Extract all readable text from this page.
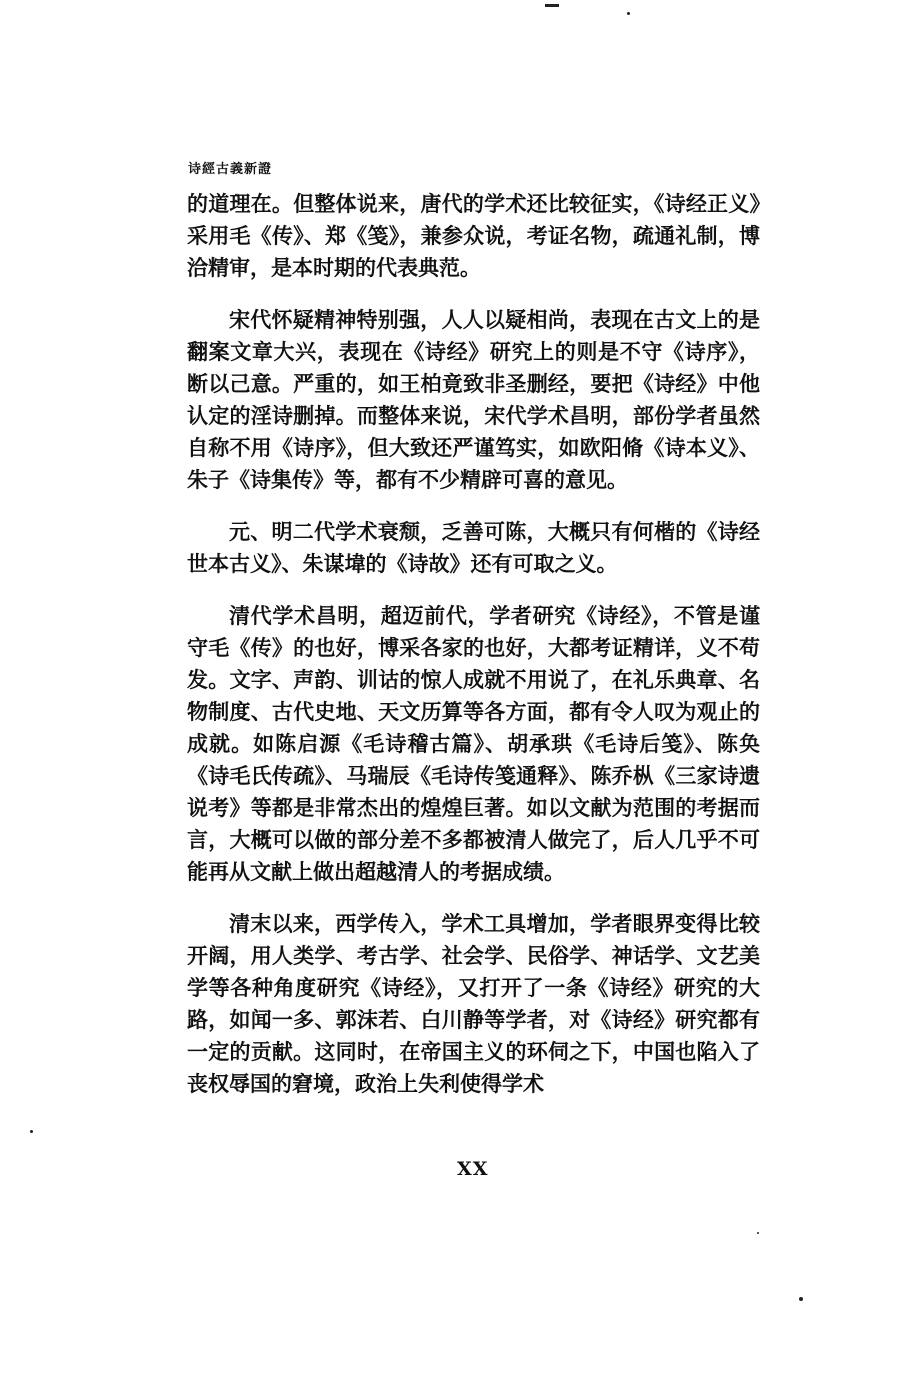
诗經古義新證

的道理在。但整体说来，唐代的学术还比较征实，《诗经正义》采用毛《传》、郑《笺》，兼参众说，考证名物，疏通礼制，博洽精审，是本时期的代表典范。

宋代怀疑精神特别强，人人以疑相尚，表现在古文上的是翻案文章大兴，表现在《诗经》研究上的则是不守《诗序》，断以己意。严重的，如王柏竟致非圣删经，要把《诗经》中他认定的淫诗删掉。而整体来说，宋代学术昌明，部份学者虽然自称不用《诗序》，但大致还严谨笃实，如欧阳脩《诗本义》、朱子《诗集传》等，都有不少精辟可喜的意见。

元、明二代学术衰颓，乏善可陈，大概只有何楷的《诗经世本古义》、朱谋㙔的《诗故》还有可取之义。

清代学术昌明，超迈前代，学者研究《诗经》，不管是谨守毛《传》的也好，博采各家的也好，大都考证精详，义不苟发。文字、声韵、训诂的惊人成就不用说了，在礼乐典章、名物制度、古代史地、天文历算等各方面，都有令人叹为观止的成就。如陈启源《毛诗稽古篇》、胡承珙《毛诗后笺》、陈奂《诗毛氏传疏》、马瑞辰《毛诗传笺通释》、陈乔枞《三家诗遗说考》等都是非常杰出的煌煌巨著。如以文献为范围的考据而言，大概可以做的部分差不多都被清人做完了，后人几乎不可能再从文献上做出超越清人的考据成绩。

清末以来，西学传入，学术工具增加，学者眼界变得比较开阔，用人类学、考古学、社会学、民俗学、神话学、文艺美学等各种角度研究《诗经》，又打开了一条《诗经》研究的大路，如闻一多、郭沫若、白川静等学者，对《诗经》研究都有一定的贡献。这同时，在帝国主义的环伺之下，中国也陷入了丧权辱国的窘境，政治上失利使得学术

XX
